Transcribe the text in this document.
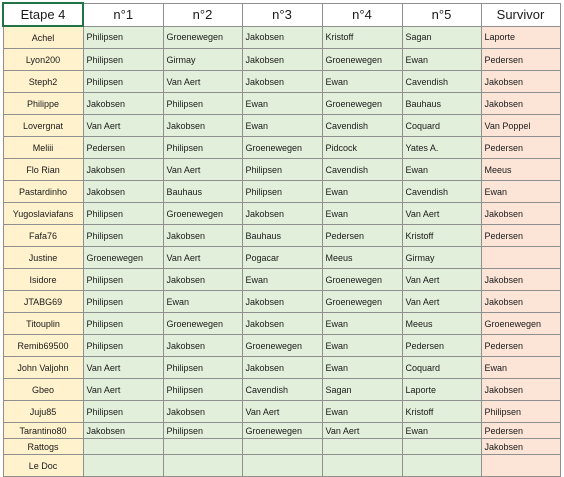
Etape 4	n°1	n°2	n°3	n°4	n°5	Survivor
Achel	Philipsen	Groenewegen	Jakobsen	Kristoff	Sagan	Laporte
Lyon200	Philipsen	Girmay	Jakobsen	Groenewegen	Ewan	Pedersen
Steph2	Philipsen	Van Aert	Jakobsen	Ewan	Cavendish	Jakobsen
Philippe	Jakobsen	Philipsen	Ewan	Groenewegen	Bauhaus	Jakobsen
Lovergnat	Van Aert	Jakobsen	Ewan	Cavendish	Coquard	Van Poppel
Meliii	Pedersen	Philipsen	Groenewegen	Pidcock	Yates A.	Pedersen
Flo Rian	Jakobsen	Van Aert	Philipsen	Cavendish	Ewan	Meeus
Pastardinho	Jakobsen	Bauhaus	Philipsen	Ewan	Cavendish	Ewan
Yugoslaviafans	Philipsen	Groenewegen	Jakobsen	Ewan	Van Aert	Jakobsen
Fafa76	Philipsen	Jakobsen	Bauhaus	Pedersen	Kristoff	Pedersen
Justine	Groenewegen	Van Aert	Pogacar	Meeus	Girmay	
Isidore	Philipsen	Jakobsen	Ewan	Groenewegen	Van Aert	Jakobsen
JTABG69	Philipsen	Ewan	Jakobsen	Groenewegen	Van Aert	Jakobsen
Titouplin	Philipsen	Groenewegen	Jakobsen	Ewan	Meeus	Groenewegen
Remib69500	Philipsen	Jakobsen	Groenewegen	Ewan	Pedersen	Pedersen
John Valjohn	Van Aert	Philipsen	Jakobsen	Ewan	Coquard	Ewan
Gbeo	Van Aert	Philipsen	Cavendish	Sagan	Laporte	Jakobsen
Juju85	Philipsen	Jakobsen	Van Aert	Ewan	Kristoff	Philipsen
Tarantino80	Jakobsen	Philipsen	Groenewegen	Van Aert	Ewan	Pedersen
Rattogs						Jakobsen
Le Doc						
